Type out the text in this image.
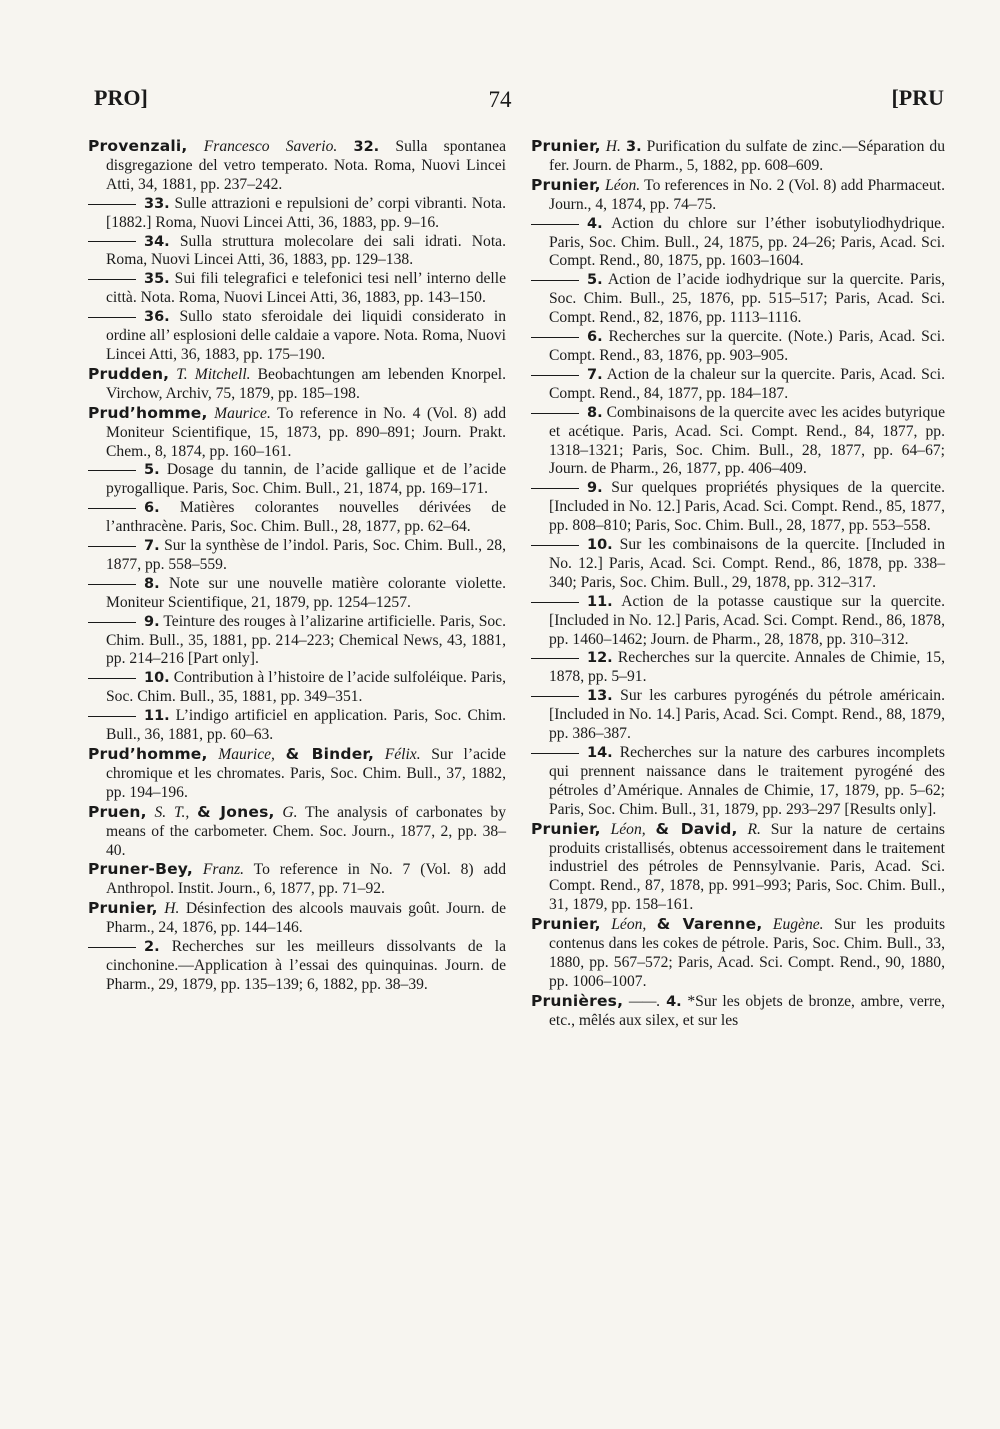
PRO]	74	[PRU

Provenzali, Francesco Saverio. 32. Sulla spontanea disgregazione del vetro temperato. Nota. Roma, Nuovi Lincei Atti, 34, 1881, pp. 237–242.

33. Sulle attrazioni e repulsioni de’ corpi vibranti. Nota. [1882.] Roma, Nuovi Lincei Atti, 36, 1883, pp. 9–16.

34. Sulla struttura molecolare dei sali idrati. Nota. Roma, Nuovi Lincei Atti, 36, 1883, pp. 129–138.

35. Sui fili telegrafici e telefonici tesi nell’ interno delle città. Nota. Roma, Nuovi Lincei Atti, 36, 1883, pp. 143–150.

36. Sullo stato sferoidale dei liquidi considerato in ordine all’ esplosioni delle caldaie a vapore. Nota. Roma, Nuovi Lincei Atti, 36, 1883, pp. 175–190.

Prudden, T. Mitchell. Beobachtungen am lebenden Knorpel. Virchow, Archiv, 75, 1879, pp. 185–198.

Prud’homme, Maurice. To reference in No. 4 (Vol. 8) add Moniteur Scientifique, 15, 1873, pp. 890–891; Journ. Prakt. Chem., 8, 1874, pp. 160–161.

5. Dosage du tannin, de l’acide gallique et de l’acide pyrogallique. Paris, Soc. Chim. Bull., 21, 1874, pp. 169–171.

6. Matières colorantes nouvelles dérivées de l’anthracène. Paris, Soc. Chim. Bull., 28, 1877, pp. 62–64.

7. Sur la synthèse de l’indol. Paris, Soc. Chim. Bull., 28, 1877, pp. 558–559.

8. Note sur une nouvelle matière colorante violette. Moniteur Scientifique, 21, 1879, pp. 1254–1257.

9. Teinture des rouges à l’alizarine artificielle. Paris, Soc. Chim. Bull., 35, 1881, pp. 214–223; Chemical News, 43, 1881, pp. 214–216 [Part only].

10. Contribution à l’histoire de l’acide sulfoléique. Paris, Soc. Chim. Bull., 35, 1881, pp. 349–351.

11. L’indigo artificiel en application. Paris, Soc. Chim. Bull., 36, 1881, pp. 60–63.

Prud’homme, Maurice, & Binder, Félix. Sur l’acide chromique et les chromates. Paris, Soc. Chim. Bull., 37, 1882, pp. 194–196.

Pruen, S. T., & Jones, G. The analysis of carbonates by means of the carbometer. Chem. Soc. Journ., 1877, 2, pp. 38–40.

Pruner-Bey, Franz. To reference in No. 7 (Vol. 8) add Anthropol. Instit. Journ., 6, 1877, pp. 71–92.

Prunier, H. Désinfection des alcools mauvais goût. Journ. de Pharm., 24, 1876, pp. 144–146.

2. Recherches sur les meilleurs dissolvants de la cinchonine.—Application à l’essai des quinquinas. Journ. de Pharm., 29, 1879, pp. 135–139; 6, 1882, pp. 38–39.

Prunier, H. 3. Purification du sulfate de zinc.—Séparation du fer. Journ. de Pharm., 5, 1882, pp. 608–609.

Prunier, Léon. To references in No. 2 (Vol. 8) add Pharmaceut. Journ., 4, 1874, pp. 74–75.

4. Action du chlore sur l’éther isobutyliodhydrique. Paris, Soc. Chim. Bull., 24, 1875, pp. 24–26; Paris, Acad. Sci. Compt. Rend., 80, 1875, pp. 1603–1604.

5. Action de l’acide iodhydrique sur la quercite. Paris, Soc. Chim. Bull., 25, 1876, pp. 515–517; Paris, Acad. Sci. Compt. Rend., 82, 1876, pp. 1113–1116.

6. Recherches sur la quercite. (Note.) Paris, Acad. Sci. Compt. Rend., 83, 1876, pp. 903–905.

7. Action de la chaleur sur la quercite. Paris, Acad. Sci. Compt. Rend., 84, 1877, pp. 184–187.

8. Combinaisons de la quercite avec les acides butyrique et acétique. Paris, Acad. Sci. Compt. Rend., 84, 1877, pp. 1318–1321; Paris, Soc. Chim. Bull., 28, 1877, pp. 64–67; Journ. de Pharm., 26, 1877, pp. 406–409.

9. Sur quelques propriétés physiques de la quercite. [Included in No. 12.] Paris, Acad. Sci. Compt. Rend., 85, 1877, pp. 808–810; Paris, Soc. Chim. Bull., 28, 1877, pp. 553–558.

10. Sur les combinaisons de la quercite. [Included in No. 12.] Paris, Acad. Sci. Compt. Rend., 86, 1878, pp. 338–340; Paris, Soc. Chim. Bull., 29, 1878, pp. 312–317.

11. Action de la potasse caustique sur la quercite. [Included in No. 12.] Paris, Acad. Sci. Compt. Rend., 86, 1878, pp. 1460–1462; Journ. de Pharm., 28, 1878, pp. 310–312.

12. Recherches sur la quercite. Annales de Chimie, 15, 1878, pp. 5–91.

13. Sur les carbures pyrogénés du pétrole américain. [Included in No. 14.] Paris, Acad. Sci. Compt. Rend., 88, 1879, pp. 386–387.

14. Recherches sur la nature des carbures incomplets qui prennent naissance dans le traitement pyrogéné des pétroles d’Amérique. Annales de Chimie, 17, 1879, pp. 5–62; Paris, Soc. Chim. Bull., 31, 1879, pp. 293–297 [Results only].

Prunier, Léon, & David, R. Sur la nature de certains produits cristallisés, obtenus accessoirement dans le traitement industriel des pétroles de Pennsylvanie. Paris, Acad. Sci. Compt. Rend., 87, 1878, pp. 991–993; Paris, Soc. Chim. Bull., 31, 1879, pp. 158–161.

Prunier, Léon, & Varenne, Eugène. Sur les produits contenus dans les cokes de pétrole. Paris, Soc. Chim. Bull., 33, 1880, pp. 567–572; Paris, Acad. Sci. Compt. Rend., 90, 1880, pp. 1006–1007.

Prunières, ——. 4. *Sur les objets de bronze, ambre, verre, etc., mêlés aux silex, et sur les
